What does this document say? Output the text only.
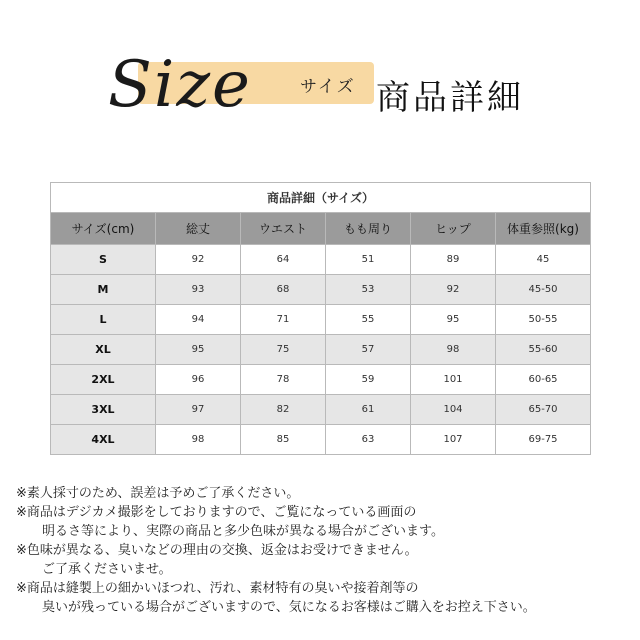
Size	サイズ 商品詳細
商品詳細（サイズ）					
サイズ(cm)	総丈	ウエスト	もも周り	ヒップ	体重参照(kg)
S	92	64	51	89	45
M	93	68	53	92	45-50
L	94	71	55	95	50-55
XL	95	75	57	98	55-60
2XL	96	78	59	101	60-65
3XL	97	82	61	104	65-70
4XL	98	85	63	107	69-75
※素人採寸のため、誤差は予めご了承ください。
※商品はデジカメ撮影をしておりますので、ご覧になっている画面の
明るさ等により、実際の商品と多少色味が異なる場合がございます。
※色味が異なる、臭いなどの理由の交換、返金はお受けできません。
ご了承くださいませ。
※商品は縫製上の細かいほつれ、汚れ、素材特有の臭いや接着剤等の
臭いが残っている場合がございますので、気になるお客様はご購入をお控え下さい。
